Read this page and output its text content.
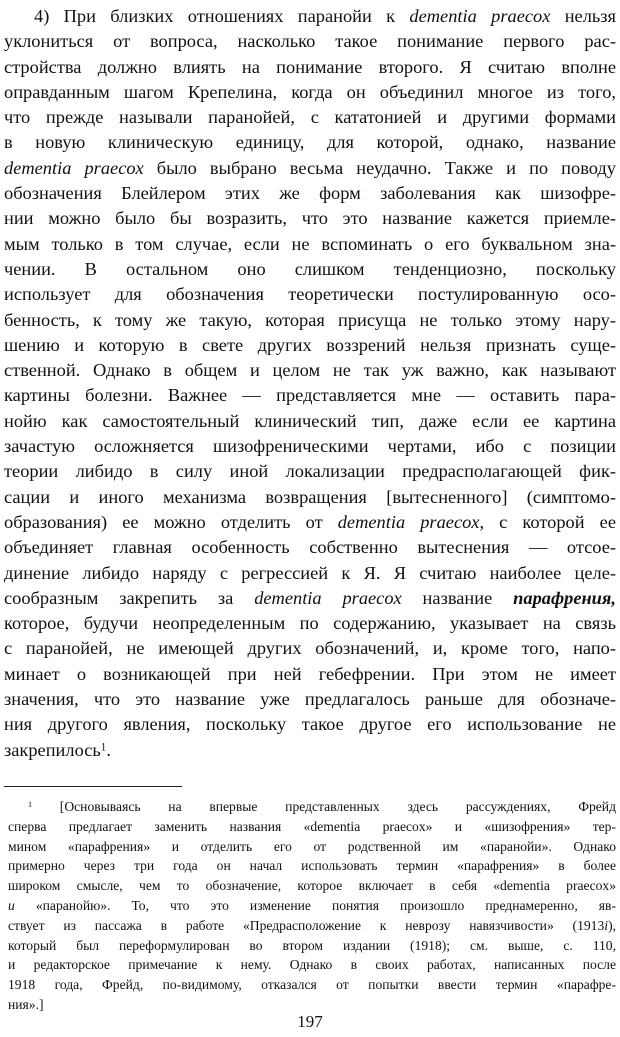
4) При близких отношениях паранойи к dementia praecox нельзя
уклониться от вопроса, насколько такое понимание первого рас-
стройства должно влиять на понимание второго. Я считаю вполне
оправданным шагом Крепелина, когда он объединил многое из того,
что прежде называли паранойей, с кататонией и другими формами
в новую клиническую единицу, для которой, однако, название
dementia praecox было выбрано весьма неудачно. Также и по поводу
обозначения Блейлером этих же форм заболевания как шизофре-
нии можно было бы возразить, что это название кажется приемле-
мым только в том случае, если не вспоминать о его буквальном зна-
чении. В остальном оно слишком тенденциозно, поскольку
использует для обозначения теоретически постулированную осо-
бенность, к тому же такую, которая присуща не только этому нару-
шению и которую в свете других воззрений нельзя признать суще-
ственной. Однако в общем и целом не так уж важно, как называют
картины болезни. Важнее — представляется мне — оставить пара-
нойю как самостоятельный клинический тип, даже если ее картина
зачастую осложняется шизофреническими чертами, ибо с позиции
теории либидо в силу иной локализации предрасполагающей фик-
сации и иного механизма возвращения [вытесненного] (симптомо-
образования) ее можно отделить от dementia praecox, с которой ее
объединяет главная особенность собственно вытеснения — отсое-
динение либидо наряду с регрессией к Я. Я считаю наиболее целе-
сообразным закрепить за dementia praecox название парафрения,
которое, будучи неопределенным по содержанию, указывает на связь
с паранойей, не имеющей других обозначений, и, кроме того, напо-
минает о возникающей при ней гебефрении. При этом не имеет
значения, что это название уже предлагалось раньше для обозначе-
ния другого явления, поскольку такое другое его использование не
закрепилось$^1$.
$^1$ [Основываясь на впервые представленных здесь рассуждениях, Фрейд
сперва предлагает заменить названия «dementia praecox» и «шизофрения» тер-
мином «парафрения» и отделить его от родственной им «паранойи». Однако
примерно через три года он начал использовать термин «парафрения» в более
широком смысле, чем то обозначение, которое включает в себя «dementia praecox»
и «паранойю». То, что это изменение понятия произошло преднамеренно, яв-
ствует из пассажа в работе «Предрасположение к неврозу навязчивости» (1913i),
который был переформулирован во втором издании (1918); см. выше, с. 110,
и редакторское примечание к нему. Однако в своих работах, написанных после
1918 года, Фрейд, по-видимому, отказался от попытки ввести термин «парафре-
ния».]
197
